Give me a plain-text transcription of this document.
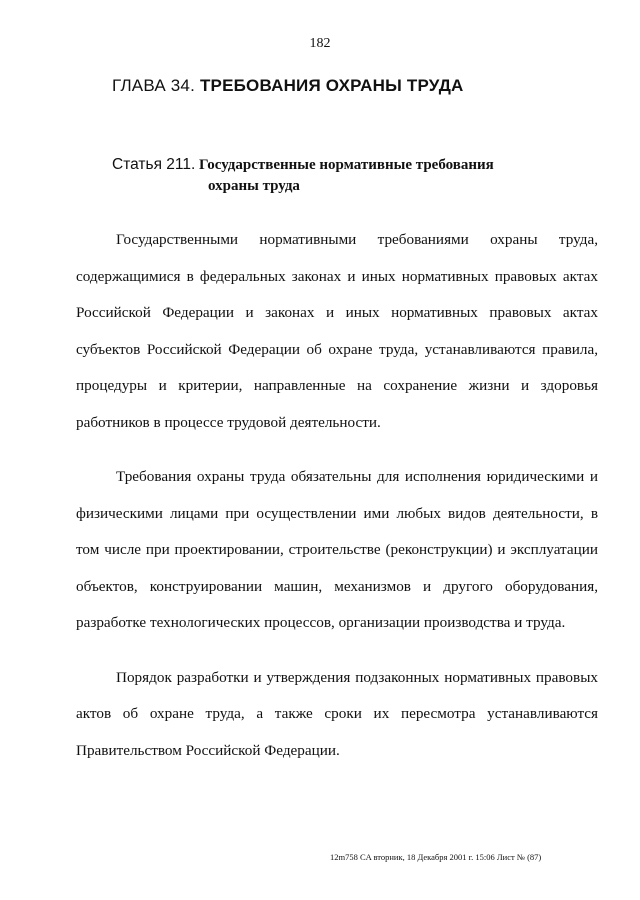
182
ГЛАВА 34. ТРЕБОВАНИЯ ОХРАНЫ ТРУДА
Статья 211. Государственные нормативные требования
охраны труда

Государственными нормативными требованиями охраны труда, содержащимися в федеральных законах и иных нормативных правовых актах Российской Федерации и законах и иных нормативных правовых актах субъектов Российской Федерации об охране труда, устанавливаются правила, процедуры и критерии, направленные на сохранение жизни и здоровья работников в процессе трудовой деятельности.

Требования охраны труда обязательны для исполнения юридическими и физическими лицами при осуществлении ими любых видов деятельности, в том числе при проектировании, строительстве (реконструкции) и эксплуатации объектов, конструировании машин, механизмов и другого оборудования, разработке технологических процессов, организации производства и труда.

Порядок разработки и утверждения подзаконных нормативных правовых актов об охране труда, а также сроки их пересмотра устанавливаются Правительством Российской Федерации.

12m758 CA вторник, 18 Декабря 2001 г. 15:06 Лист № (87)
